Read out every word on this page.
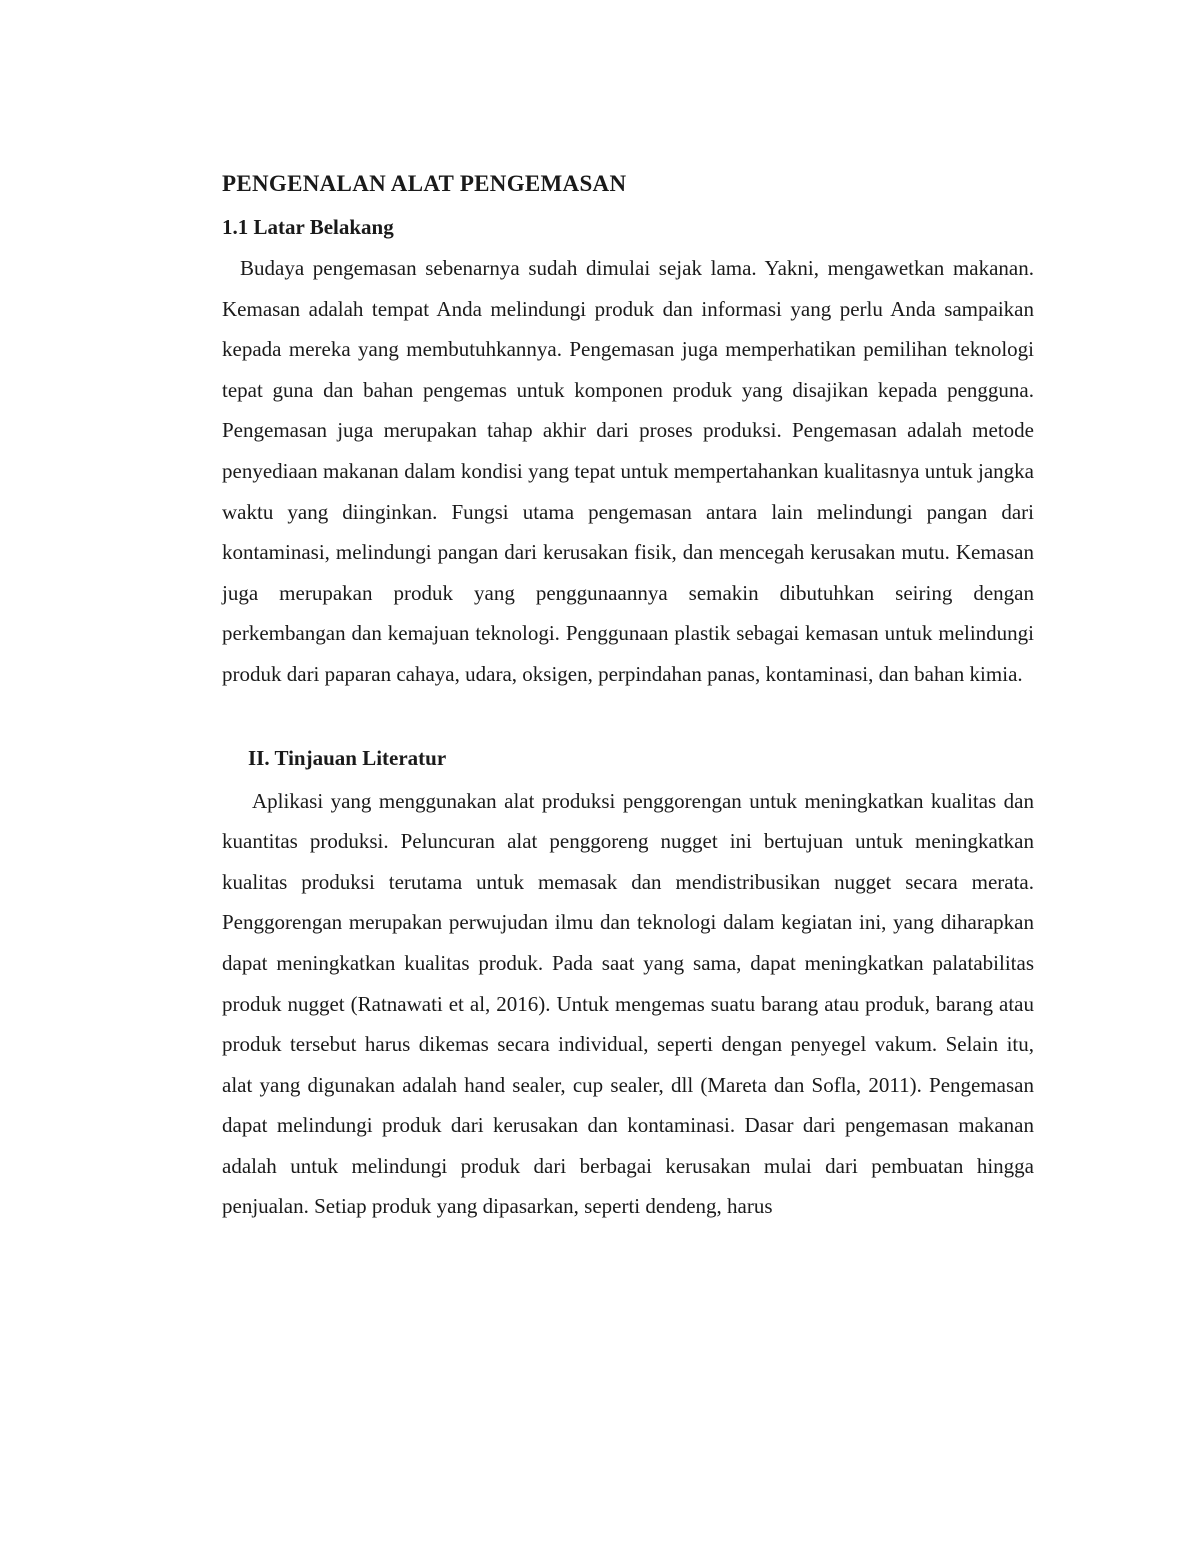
PENGENALAN ALAT PENGEMASAN
1.1 Latar Belakang

Budaya pengemasan sebenarnya sudah dimulai sejak lama. Yakni, mengawetkan makanan. Kemasan adalah tempat Anda melindungi produk dan informasi yang perlu Anda sampaikan kepada mereka yang membutuhkannya. Pengemasan juga memperhatikan pemilihan teknologi tepat guna dan bahan pengemas untuk komponen produk yang disajikan kepada pengguna. Pengemasan juga merupakan tahap akhir dari proses produksi. Pengemasan adalah metode penyediaan makanan dalam kondisi yang tepat untuk mempertahankan kualitasnya untuk jangka waktu yang diinginkan. Fungsi utama pengemasan antara lain melindungi pangan dari kontaminasi, melindungi pangan dari kerusakan fisik, dan mencegah kerusakan mutu. Kemasan juga merupakan produk yang penggunaannya semakin dibutuhkan seiring dengan perkembangan dan kemajuan teknologi. Penggunaan plastik sebagai kemasan untuk melindungi produk dari paparan cahaya, udara, oksigen, perpindahan panas, kontaminasi, dan bahan kimia.

II. Tinjauan Literatur

Aplikasi yang menggunakan alat produksi penggorengan untuk meningkatkan kualitas dan kuantitas produksi. Peluncuran alat penggoreng nugget ini bertujuan untuk meningkatkan kualitas produksi terutama untuk memasak dan mendistribusikan nugget secara merata. Penggorengan merupakan perwujudan ilmu dan teknologi dalam kegiatan ini, yang diharapkan dapat meningkatkan kualitas produk. Pada saat yang sama, dapat meningkatkan palatabilitas produk nugget (Ratnawati et al, 2016). Untuk mengemas suatu barang atau produk, barang atau produk tersebut harus dikemas secara individual, seperti dengan penyegel vakum. Selain itu, alat yang digunakan adalah hand sealer, cup sealer, dll (Mareta dan Sofla, 2011). Pengemasan dapat melindungi produk dari kerusakan dan kontaminasi. Dasar dari pengemasan makanan adalah untuk melindungi produk dari berbagai kerusakan mulai dari pembuatan hingga penjualan. Setiap produk yang dipasarkan, seperti dendeng, harus
